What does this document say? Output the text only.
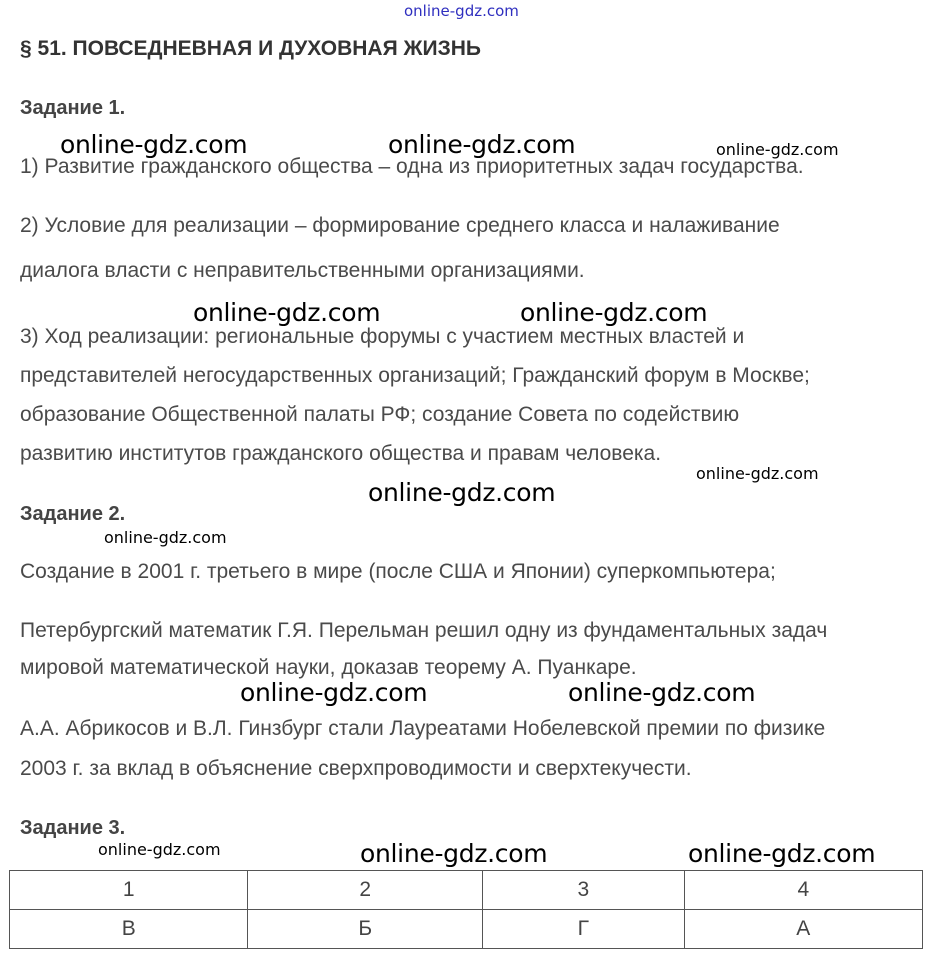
online-gdz.com
§ 51. ПОВСЕДНЕВНАЯ И ДУХОВНАЯ ЖИЗНЬ
Задание 1.
online-gdz.com	online-gdz.com	online-gdz.com
1) Развитие гражданского общества – одна из приоритетных задач государства.
2) Условие для реализации – формирование среднего класса и налаживание
диалога власти с неправительственными организациями.
online-gdz.com	online-gdz.com
3) Ход реализации: региональные форумы с участием местных властей и
представителей негосударственных организаций; Гражданский форум в Москве;
образование Общественной палаты РФ; создание Совета по содействию
развитию институтов гражданского общества и правам человека.
online-gdz.com
online-gdz.com
Задание 2.
online-gdz.com
Создание в 2001 г. третьего в мире (после США и Японии) суперкомпьютера;
Петербургский математик Г.Я. Перельман решил одну из фундаментальных задач
мировой математической науки, доказав теорему А. Пуанкаре.
online-gdz.com	online-gdz.com
А.А. Абрикосов и В.Л. Гинзбург стали Лауреатами Нобелевской премии по физике
2003 г. за вклад в объяснение сверхпроводимости и сверхтекучести.
Задание 3.
online-gdz.com	online-gdz.com	online-gdz.com
1	2	3	4
В	Б	Г	А
